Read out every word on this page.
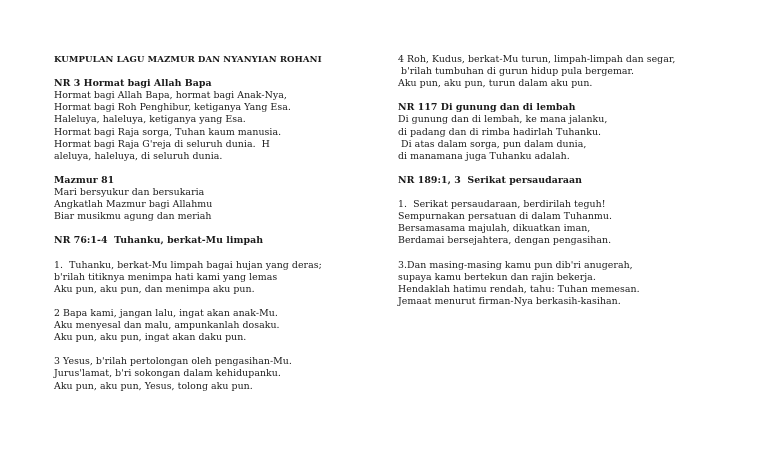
KUMPULAN LAGU MAZMUR DAN NYANYIAN ROHANI
NR 3 Hormat bagi Allah Bapa
Hormat bagi Allah Bapa, hormat bagi Anak-Nya,
Hormat bagi Roh Penghibur, ketiganya Yang Esa.
Haleluya, haleluya, ketiganya yang Esa.
Hormat bagi Raja sorga, Tuhan kaum manusia.
Hormat bagi Raja G'reja di seluruh dunia.  H
aleluya, haleluya, di seluruh dunia.
Mazmur 81
Mari bersyukur dan bersukaria
Angkatlah Mazmur bagi Allahmu
Biar musikmu agung dan meriah
NR 76:1-4  Tuhanku, berkat-Mu limpah
1.  Tuhanku, berkat-Mu limpah bagai hujan yang deras;
b'rilah titiknya menimpa hati kami yang lemas
Aku pun, aku pun, dan menimpa aku pun.
2 Bapa kami, jangan lalu, ingat akan anak-Mu.
Aku menyesal dan malu, ampunkanlah dosaku.
Aku pun, aku pun, ingat akan daku pun.
3 Yesus, b'rilah pertolongan oleh pengasihan-Mu.
Jurus'lamat, b'ri sokongan dalam kehidupanku.
Aku pun, aku pun, Yesus, tolong aku pun.
4 Roh, Kudus, berkat-Mu turun, limpah-limpah dan segar,
b'rilah tumbuhan di gurun hidup pula bergemar.
Aku pun, aku pun, turun dalam aku pun.
NR 117 Di gunung dan di lembah
Di gunung dan di lembah, ke mana jalanku,
di padang dan di rimba hadirlah Tuhanku.
Di atas dalam sorga, pun dalam dunia,
di manamana juga Tuhanku adalah.
NR 189:1, 3  Serikat persaudaraan
1.  Serikat persaudaraan, berdirilah teguh!
Sempurnakan persatuan di dalam Tuhanmu.
Bersamasama majulah, dikuatkan iman,
Berdamai bersejahtera, dengan pengasihan.
3.Dan masing-masing kamu pun dib'ri anugerah,
supaya kamu bertekun dan rajin bekerja.
Hendaklah hatimu rendah, tahu: Tuhan memesan.
Jemaat menurut firman-Nya berkasih-kasihan.
